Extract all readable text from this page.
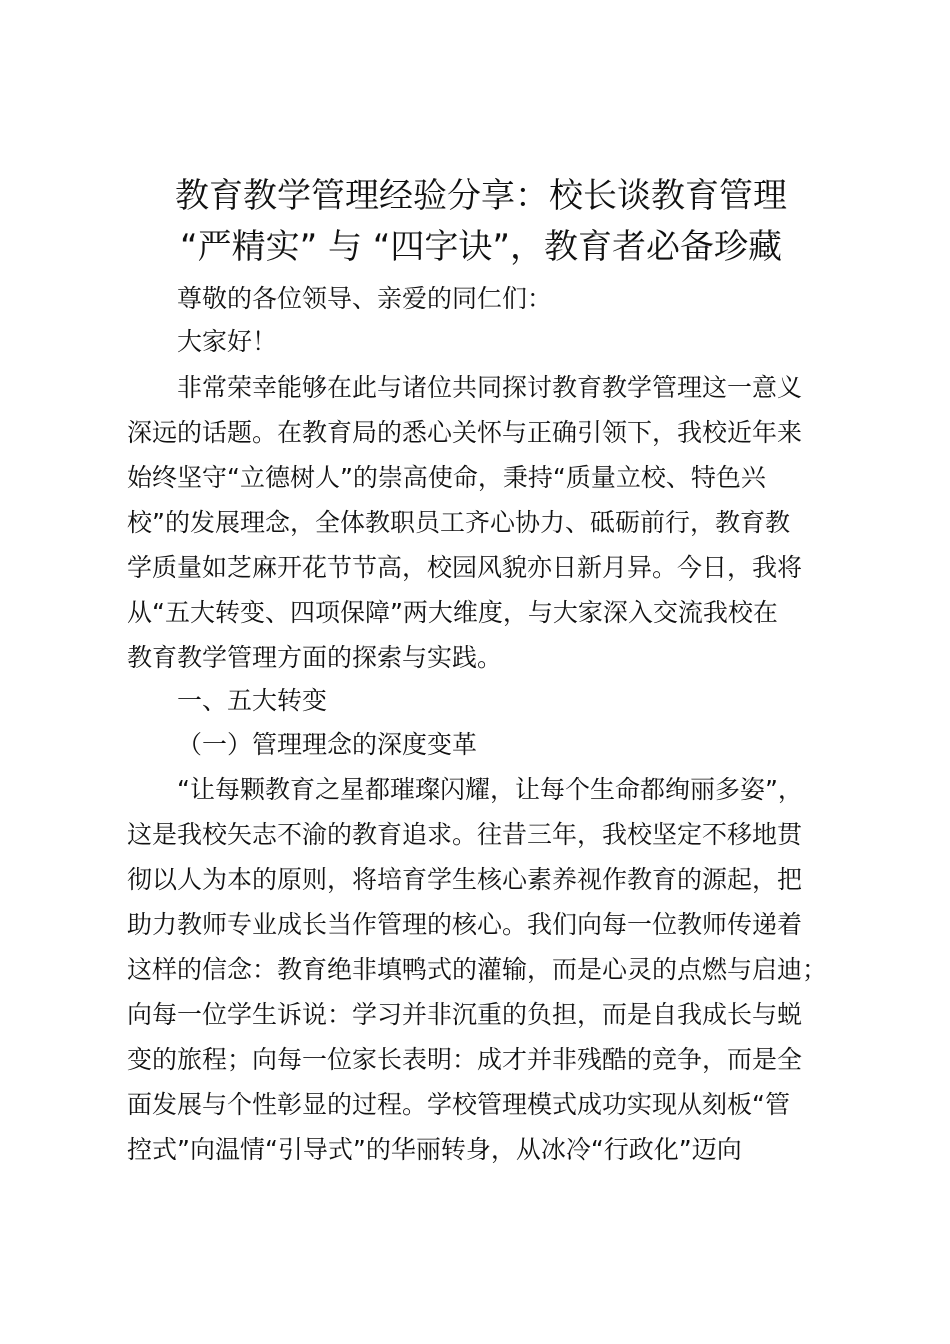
教育教学管理经验分享：校长谈教育管理
“严精实” 与 “四字诀”，教育者必备珍藏
尊敬的各位领导、亲爱的同仁们：
大家好！
非常荣幸能够在此与诸位共同探讨教育教学管理这一意义
深远的话题。在教育局的悉心关怀与正确引领下，我校近年来
始终坚守“立德树人”的崇高使命，秉持“质量立校、特色兴
校”的发展理念，全体教职员工齐心协力、砥砺前行，教育教
学质量如芝麻开花节节高，校园风貌亦日新月异。今日，我将
从“五大转变、四项保障”两大维度，与大家深入交流我校在
教育教学管理方面的探索与实践。
一、五大转变
（一）管理理念的深度变革
“让每颗教育之星都璀璨闪耀，让每个生命都绚丽多姿”，
这是我校矢志不渝的教育追求。往昔三年，我校坚定不移地贯
彻以人为本的原则，将培育学生核心素养视作教育的源起，把
助力教师专业成长当作管理的核心。我们向每一位教师传递着
这样的信念：教育绝非填鸭式的灌输，而是心灵的点燃与启迪；
向每一位学生诉说：学习并非沉重的负担，而是自我成长与蜕
变的旅程；向每一位家长表明：成才并非残酷的竞争，而是全
面发展与个性彰显的过程。学校管理模式成功实现从刻板“管
控式”向温情“引导式”的华丽转身，从冰冷“行政化”迈向
